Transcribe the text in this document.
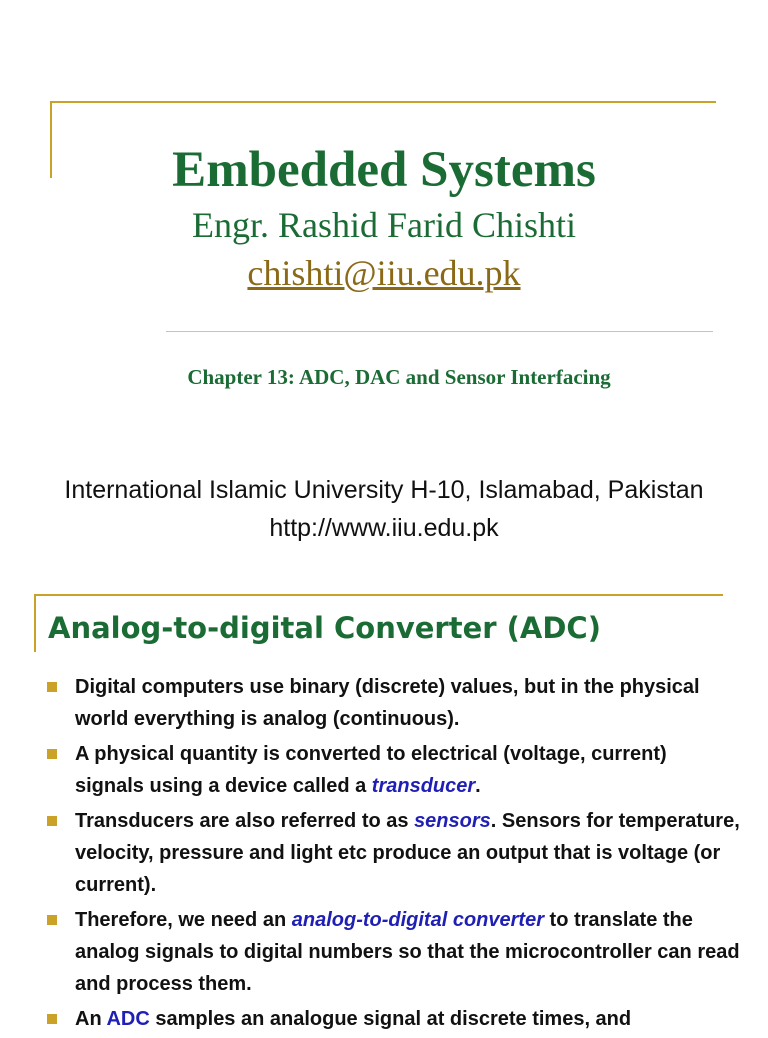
Embedded Systems
Engr. Rashid Farid Chishti
chishti@iiu.edu.pk
Chapter 13: ADC, DAC and Sensor Interfacing
International Islamic University H-10, Islamabad, Pakistan
http://www.iiu.edu.pk
Analog-to-digital Converter (ADC)
Digital computers use binary (discrete) values, but in the physical world everything is analog (continuous).
A physical quantity is converted to electrical (voltage, current) signals using a device called a transducer.
Transducers are also referred to as sensors. Sensors for temperature, velocity, pressure and light etc produce an output that is voltage (or current).
Therefore, we need an analog-to-digital converter to translate the analog signals to digital numbers so that the microcontroller can read and process them.
An ADC samples an analogue signal at discrete times, and
